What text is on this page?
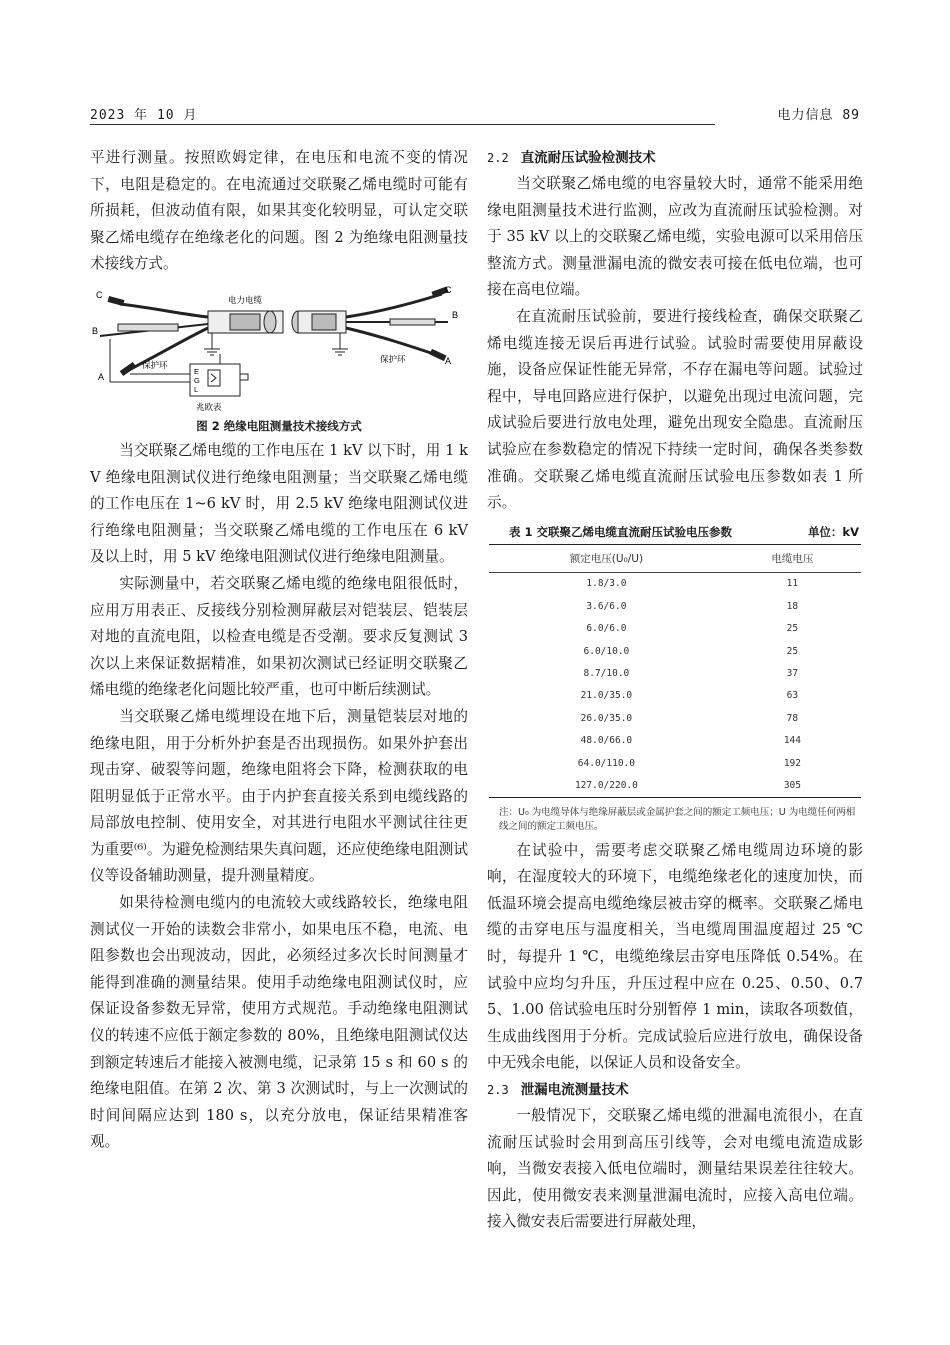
2023 年 10 月	电力信息 89

平进行测量。按照欧姆定律，在电压和电流不变的情况下，电阻是稳定的。在电流通过交联聚乙烯电缆时可能有所损耗，但波动值有限，如果其变化较明显，可认定交联聚乙烯电缆存在绝缘老化的问题。图 2 为绝缘电阻测量技术接线方式。

C
B
A
电力电缆
保护环
保护环
C
B
A
E
G
L
兆欧表

图 2 绝缘电阻测量技术接线方式

当交联聚乙烯电缆的工作电压在 1 kV 以下时，用 1 kV 绝缘电阻测试仪进行绝缘电阻测量；当交联聚乙烯电缆的工作电压在 1~6 kV 时，用 2.5 kV 绝缘电阻测试仪进行绝缘电阻测量；当交联聚乙烯电缆的工作电压在 6 kV 及以上时，用 5 kV 绝缘电阻测试仪进行绝缘电阻测量。

实际测量中，若交联聚乙烯电缆的绝缘电阻很低时，应用万用表正、反接线分别检测屏蔽层对铠装层、铠装层对地的直流电阻，以检查电缆是否受潮。要求反复测试 3 次以上来保证数据精准，如果初次测试已经证明交联聚乙烯电缆的绝缘老化问题比较严重，也可中断后续测试。

当交联聚乙烯电缆埋设在地下后，测量铠装层对地的绝缘电阻，用于分析外护套是否出现损伤。如果外护套出现击穿、破裂等问题，绝缘电阻将会下降，检测获取的电阻明显低于正常水平。由于内护套直接关系到电缆线路的局部放电控制、使用安全，对其进行电阻水平测试往往更为重要⁽⁶⁾。为避免检测结果失真问题，还应使绝缘电阻测试仪等设备辅助测量，提升测量精度。

如果待检测电缆内的电流较大或线路较长，绝缘电阻测试仪一开始的读数会非常小，如果电压不稳，电流、电阻参数也会出现波动，因此，必须经过多次长时间测量才能得到准确的测量结果。使用手动绝缘电阻测试仪时，应保证设备参数无异常，使用方式规范。手动绝缘电阻测试仪的转速不应低于额定参数的 80%，且绝缘电阻测试仪达到额定转速后才能接入被测电缆，记录第 15 s 和 60 s 的绝缘电阻值。在第 2 次、第 3 次测试时，与上一次测试的时间间隔应达到 180 s，以充分放电，保证结果精准客观。

2.2 直流耐压试验检测技术

当交联聚乙烯电缆的电容量较大时，通常不能采用绝缘电阻测量技术进行监测，应改为直流耐压试验检测。对于 35 kV 以上的交联聚乙烯电缆，实验电源可以采用倍压整流方式。测量泄漏电流的微安表可接在低电位端，也可接在高电位端。

在直流耐压试验前，要进行接线检查，确保交联聚乙烯电缆连接无误后再进行试验。试验时需要使用屏蔽设施，设备应保证性能无异常，不存在漏电等问题。试验过程中，导电回路应进行保护，以避免出现过电流问题，完成试验后要进行放电处理，避免出现安全隐患。直流耐压试验应在参数稳定的情况下持续一定时间，确保各类参数准确。交联聚乙烯电缆直流耐压试验电压参数如表 1 所示。

表 1 交联聚乙烯电缆直流耐压试验电压参数	单位：kV
额定电压(U₀/U)	电缆电压
1.8/3.0	11
3.6/6.0	18
6.0/6.0	25
6.0/10.0	25
8.7/10.0	37
21.0/35.0	63
26.0/35.0	78
48.0/66.0	144
64.0/110.0	192
127.0/220.0	305

注：U₀ 为电缆导体与绝缘屏蔽层或金属护套之间的额定工频电压；U 为电缆任何两相线之间的额定工频电压。

在试验中，需要考虑交联聚乙烯电缆周边环境的影响，在湿度较大的环境下，电缆绝缘老化的速度加快，而低温环境会提高电缆绝缘层被击穿的概率。交联聚乙烯电缆的击穿电压与温度相关，当电缆周围温度超过 25 ℃时，每提升 1 ℃，电缆绝缘层击穿电压降低 0.54%。在试验中应均匀升压，升压过程中应在 0.25、0.50、0.75、1.00 倍试验电压时分别暂停 1 min，读取各项数值，生成曲线图用于分析。完成试验后应进行放电，确保设备中无残余电能，以保证人员和设备安全。

2.3 泄漏电流测量技术

一般情况下，交联聚乙烯电缆的泄漏电流很小，在直流耐压试验时会用到高压引线等，会对电缆电流造成影响，当微安表接入低电位端时，测量结果误差往往较大。因此，使用微安表来测量泄漏电流时，应接入高电位端。接入微安表后需要进行屏蔽处理，
